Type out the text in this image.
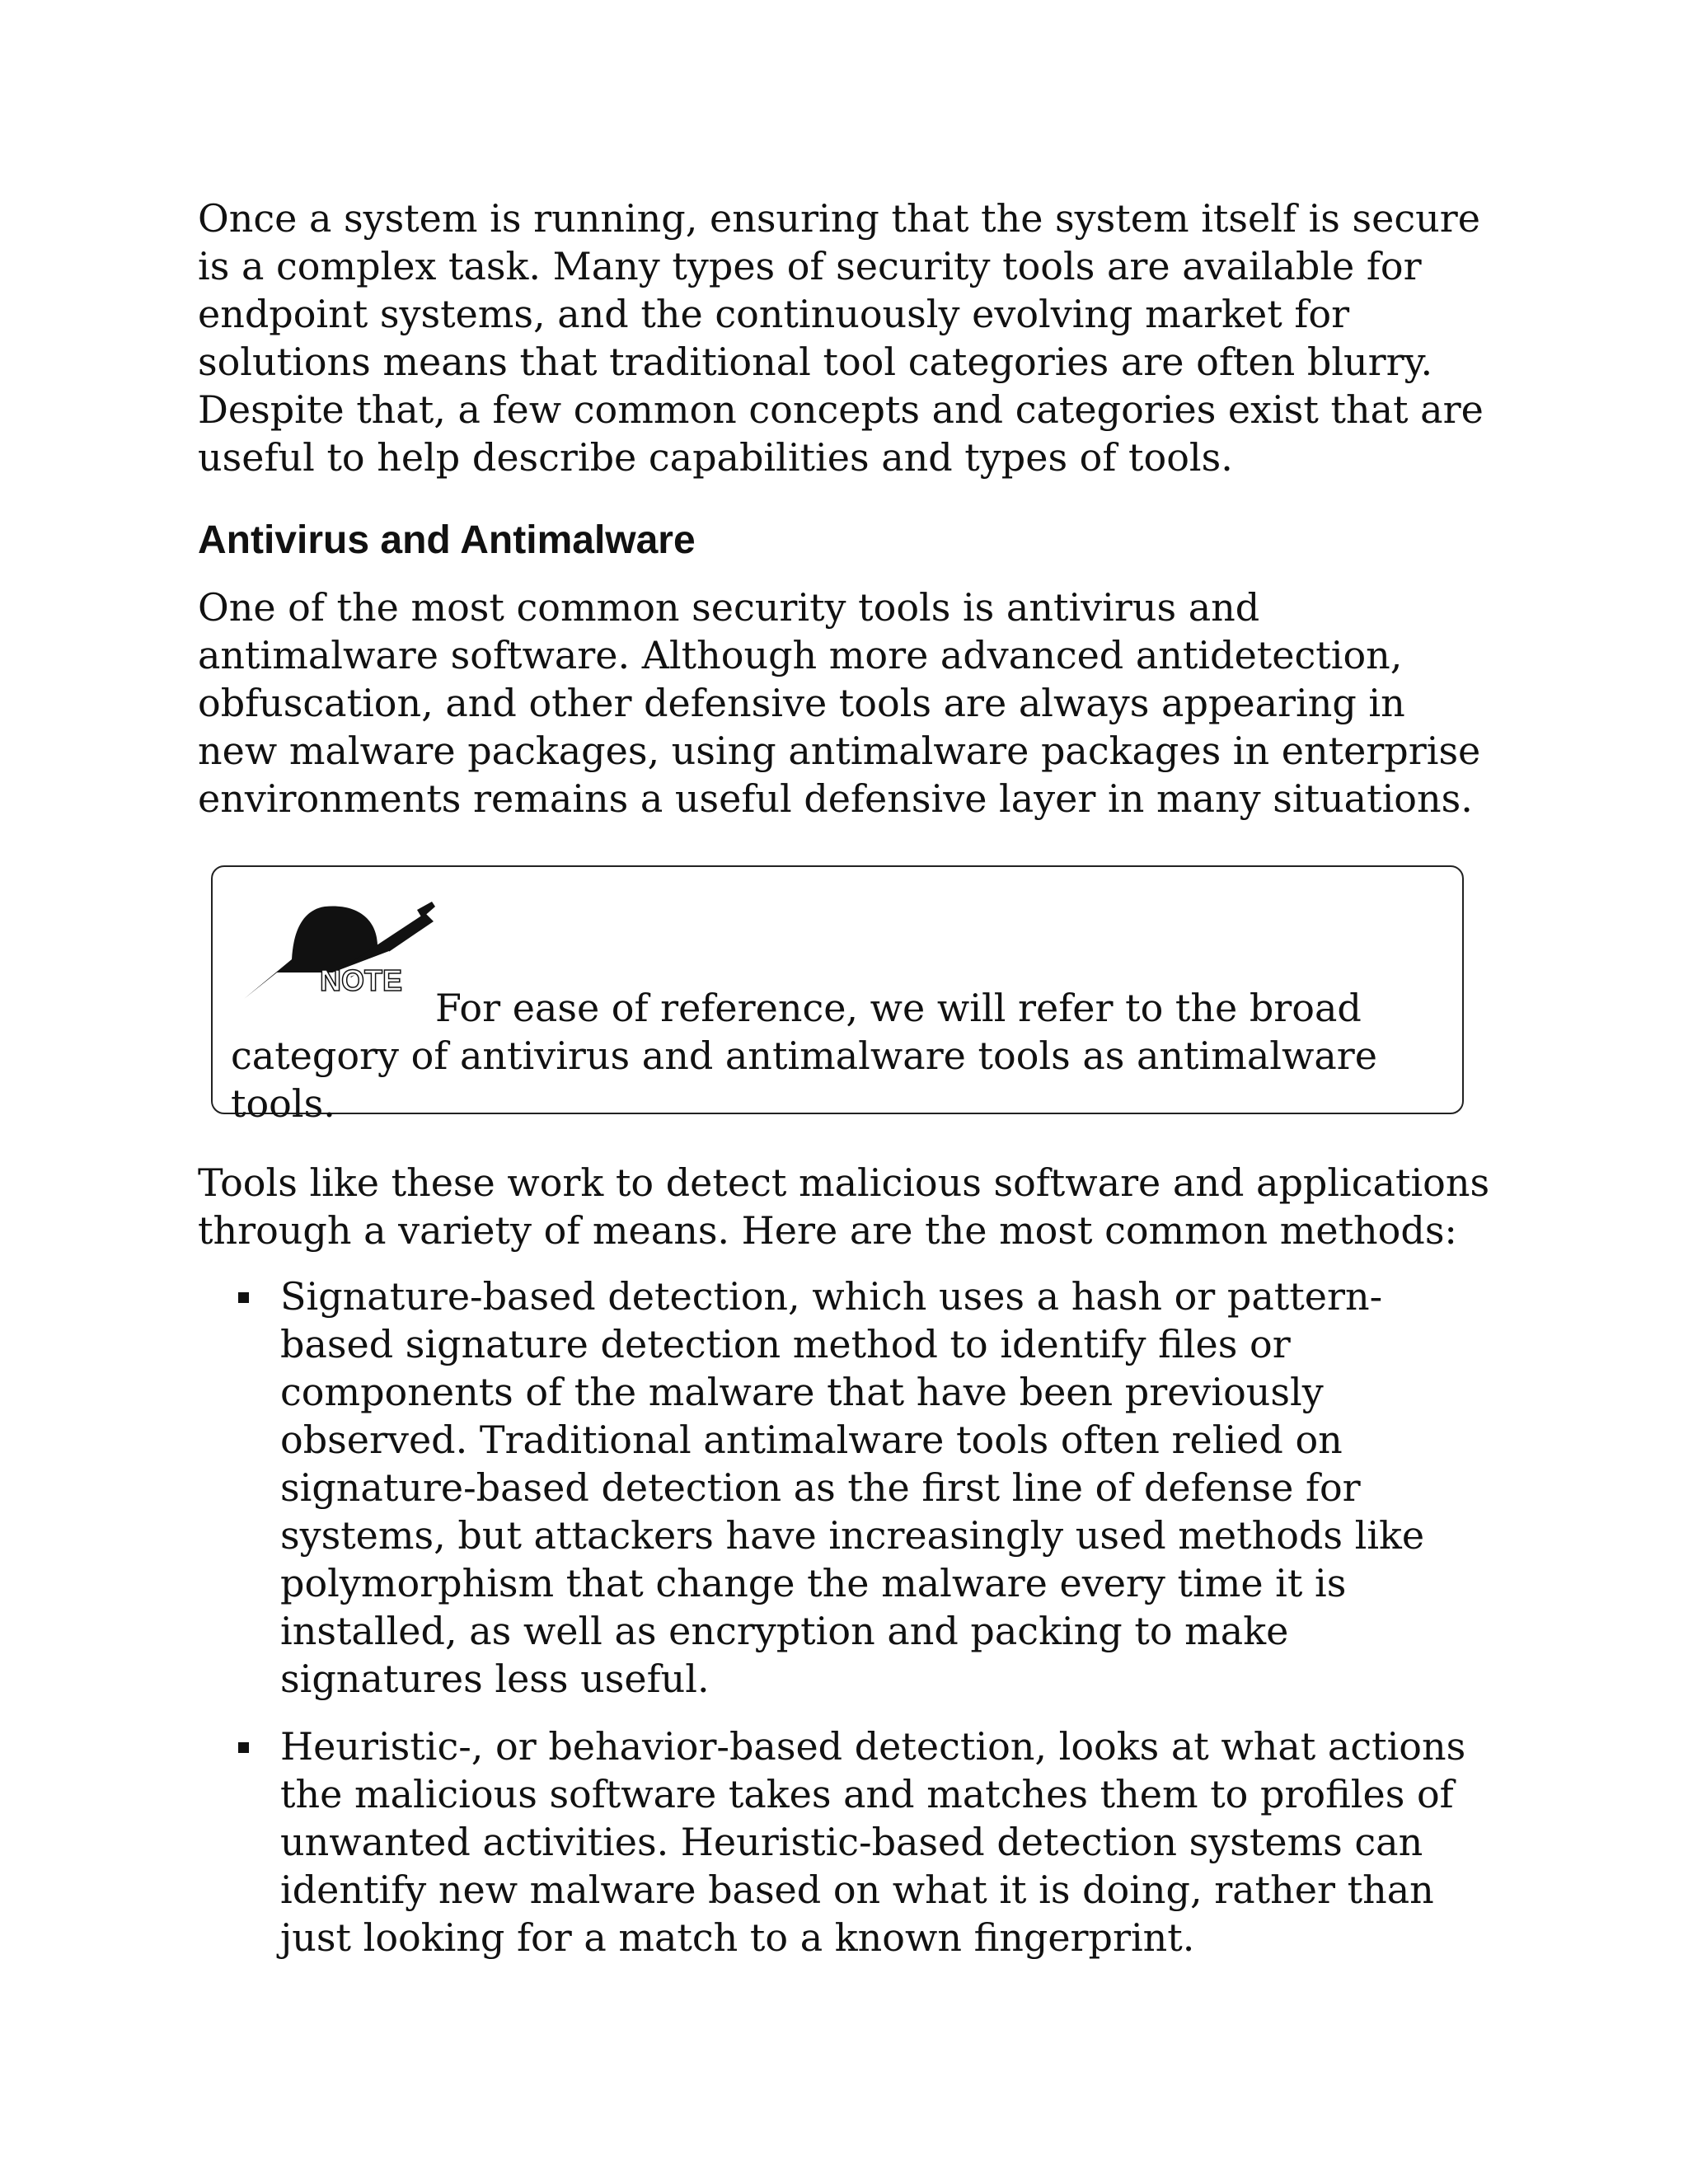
Once a system is running, ensuring that the system itself is secure is a complex task. Many types of security tools are available for endpoint systems, and the continuously evolving market for solutions means that traditional tool categories are often blurry. Despite that, a few common concepts and categories exist that are useful to help describe capabilities and types of tools.

Antivirus and Antimalware

One of the most common security tools is antivirus and antimalware software. Although more advanced antidetection, obfuscation, and other defensive tools are always appearing in new malware packages, using antimalware packages in enterprise environments remains a useful defensive layer in many situations.

NOTE

For ease of reference, we will refer to the broad category of antivirus and antimalware tools as antimalware tools.

Tools like these work to detect malicious software and applications through a variety of means. Here are the most common methods:

Signature-based detection, which uses a hash or pattern-based signature detection method to identify files or components of the malware that have been previously observed. Traditional antimalware tools often relied on signature-based detection as the first line of defense for systems, but attackers have increasingly used methods like polymorphism that change the malware every time it is installed, as well as encryption and packing to make signatures less useful.
Heuristic-, or behavior-based detection, looks at what actions the malicious software takes and matches them to profiles of unwanted activities. Heuristic-based detection systems can identify new malware based on what it is doing, rather than just looking for a match to a known fingerprint.
